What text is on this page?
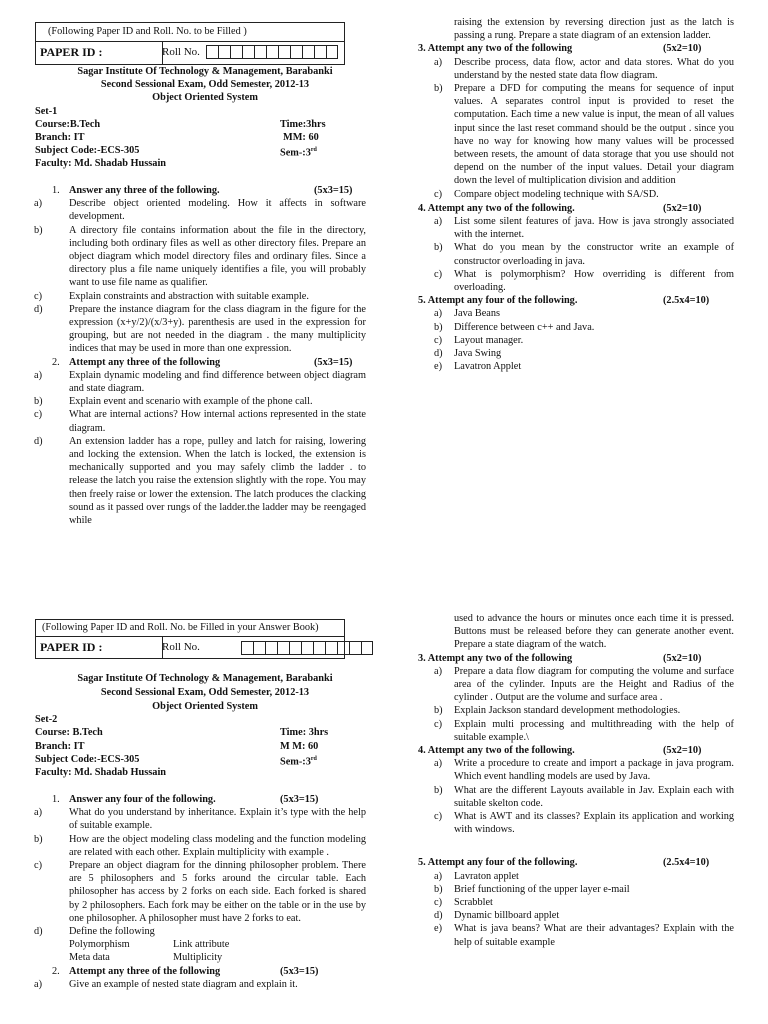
(Following Paper ID and Roll. No. to be Filled )
PAPER ID :	Roll No.
Sagar Institute Of Technology & Management, Barabanki
Second Sessional Exam, Odd Semester, 2012-13
Object Oriented System
Set-1
Course:B.Tech	Time:3hrs
Branch: IT	MM: 60
Subject Code:-ECS-305	Sem-:3rd
Faculty: Md. Shadab Hussain
1. Answer any three of the following.	(5x3=15)
a)	Describe object oriented modeling. How it affects in software development.
b)	A directory file contains information about the file in the directory, including both ordinary files as well as other directory files. Prepare an object diagram which model directory files and ordinary files. Since a directory plus a file name uniquely identifies a file, you will probably want to use file name as qualifier.
c)	Explain constraints and abstraction with suitable example.
d)	Prepare the instance diagram for the class diagram in the figure for the expression (x+y/2)/(x/3+y). parenthesis are used in the expression for grouping, but are not needed in the diagram . the many multiplicity indices that may be used in more than one expression.
2. Attempt any three of the following	(5x3=15)
a)	Explain dynamic modeling and find difference between object diagram and state diagram.
b)	Explain event and scenario with example of the phone call.
c)	What are internal actions? How internal actions represented in the state diagram.
d)	An extension ladder has a rope, pulley and latch for raising, lowering and locking the extension. When the latch is locked, the extension is mechanically supported and you may safely climb the ladder . to release the latch you raise the extension slightly with the rope. You may then freely raise or lower the extension. The latch produces the clacking sound as it passed over rungs of the ladder.the ladder may be reengaged while
raising the extension by reversing direction just as the latch is passing a rung. Prepare a state diagram of an extension ladder.
3. Attempt any two of the following	(5x2=10)
a) Describe process, data flow, actor and data stores. What do you understand by the nested state data flow diagram.
b) Prepare a DFD for computing the means for sequence of input values. A separates control input is provided to reset the computation. Each time a new value is input, the mean of all values input since the last reset command should be the output . since you have no way for knowing how many values will be processed between resets, the amount of data storage that you use should not depend on the number of the input values. Detail your diagram down the level of multiplication division and addition
c) Compare object modeling technique with SA/SD.
4. Attempt any two of the following.	(5x2=10)
a) List some silent features of java. How is java strongly associated with the internet.
b) What do you mean by the constructor write an example of constructor overloading in java.
c) What is polymorphism? How overriding is different from overloading.
5. Attempt any four of the following.	(2.5x4=10)
a) Java Beans
b) Difference between c++ and Java.
c) Layout manager.
d) Java Swing
e) Lavatron Applet
(Following Paper ID and Roll. No. be Filled in your Answer Book)
PAPER ID :	Roll No.
Sagar Institute Of Technology & Management, Barabanki
Second Sessional Exam, Odd Semester, 2012-13
Object Oriented System
Set-2
Course: B.Tech	Time: 3hrs
Branch: IT	M M: 60
Subject Code:-ECS-305	Sem-:3rd
Faculty: Md. Shadab Hussain
1. Answer any four of the following.	(5x3=15)
a)	What do you understand by inheritance. Explain it’s type with the help of suitable example.
b)	How are the object modeling class modeling and the function modeling are related with each other. Explain multiplicity with example .
c)	Prepare an object diagram for the dinning philosopher problem. There are 5 philosophers and 5 forks around the circular table. Each philosopher has access by 2 forks on each side. Each forked is shared by 2 philosophers. Each fork may be either on the table or in the use by one philosopher. A philosopher must have 2 forks to eat.
d)	Define the following
Polymorphism	Link attribute
Meta data	Multiplicity
2. Attempt any three of the following	(5x3=15)
a)	Give an example of nested state diagram and explain it.
used to advance the hours or minutes once each time it is pressed. Buttons must be released before they can generate another event. Prepare a state diagram of the watch.
3. Attempt any two of the following	(5x2=10)
a) Prepare a data flow diagram for computing the volume and surface area of the cylinder. Inputs are the Height and Radius of the cylinder . Output are the volume and surface area .
b) Explain Jackson standard development methodologies.
c) Explain multi processing and multithreading with the help of suitable example.\
4. Attempt any two of the following.	(5x2=10)
a) Write a procedure to create and import a package in java program. Which event handling models are used by Java.
b) What are the different Layouts available in Jav. Explain each with suitable skelton code.
c) What is AWT and its classes? Explain its application and working with windows.
5. Attempt any four of the following.	(2.5x4=10)
a) Lavraton applet
b) Brief functioning of the upper layer e-mail
c) Scrabblet
d) Dynamic billboard applet
e) What is java beans? What are their advantages? Explain with the help of suitable example
